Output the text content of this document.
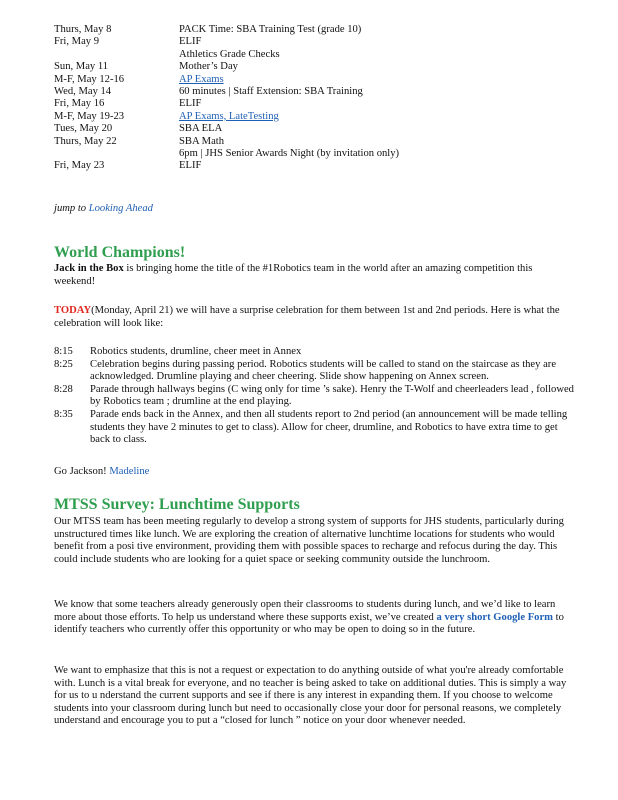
Thurs, May 8	PACK Time: SBA Training Test (grade 10)
Fri, May 9	ELIF
Athletics Grade Checks
Sun, May 11	Mother’s Day
M-F, May 12-16	AP Exams
Wed, May 14	60 minutes | Staff Extension: SBA Training
Fri, May 16	ELIF
M-F, May 19-23	AP Exams, LateTesting
Tues, May 20	SBA ELA
Thurs, May 22	SBA Math
6pm | JHS Senior Awards Night (by invitation only)
Fri, May 23	ELIF
jump to Looking Ahead
World Champions!
Jack in the Box is bringing home the title of the #1Robotics team in the world after an amazing competition this weekend!
TODAY(Monday, April 21) we will have a surprise celebration for them between 1st and 2nd periods. Here is what the celebration will look like:
8:15	Robotics students, drumline, cheer meet in Annex
8:25	Celebration begins during passing period. Robotics students will be called to stand on the staircase as they are acknowledged. Drumline playing and cheer cheering. Slide show happening on Annex screen.
8:28	Parade through hallways begins (C wing only for time ’s sake). Henry the T-Wolf and cheerleaders lead , followed by Robotics team ; drumline at the end playing.
8:35	Parade ends back in the Annex, and then all students report to 2nd period (an announcement will be made telling students they have 2 minutes to get to class). Allow for cheer, drumline, and Robotics to have extra time to get back to class.
Go Jackson! Madeline
MTSS Survey: Lunchtime Supports
Our MTSS team has been meeting regularly to develop a strong system of supports for JHS students, particularly during unstructured times like lunch. We are exploring the creation of alternative lunchtime locations for students who would benefit from a posi tive environment, providing them with possible spaces to recharge and refocus during the day. This could include students who are looking for a quiet space or seeking community outside the lunchroom.
We know that some teachers already generously open their classrooms to students during lunch, and we’d like to learn more about those efforts. To help us understand where these supports exist, we’ve created a very short Google Form to identify teachers who currently offer this opportunity or who may be open to doing so in the future.
We want to emphasize that this is not a request or expectation to do anything outside of what you're already comfortable with. Lunch is a vital break for everyone, and no teacher is being asked to take on additional duties. This is simply a way for us to u nderstand the current supports and see if there is any interest in expanding them. If you choose to welcome students into your classroom during lunch but need to occasionally close your door for personal reasons, we completely understand and encourage you to put a “closed for lunch ” notice on your door whenever needed.
